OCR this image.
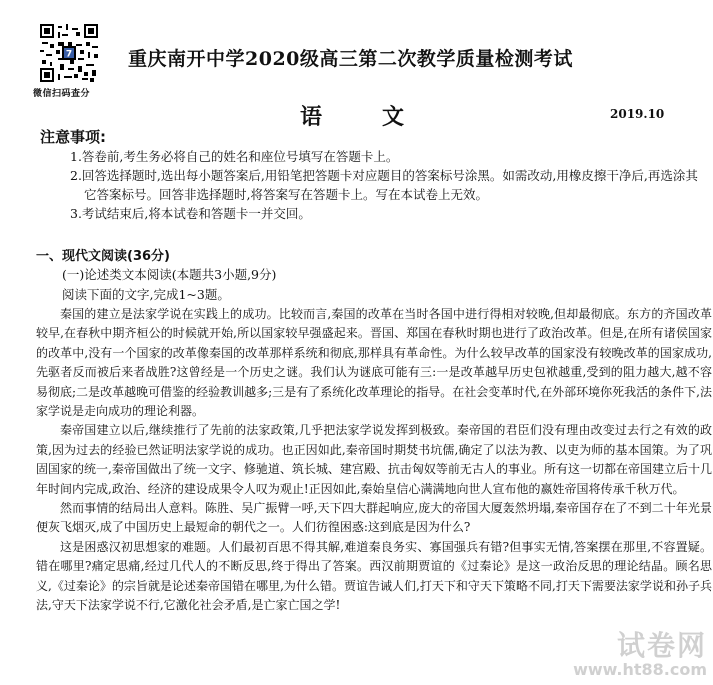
7
微信扫码查分
重庆南开中学2020级高三第二次教学质量检测考试
语文	2019.10
注意事项:
1.答卷前,考生务必将自己的姓名和座位号填写在答题卡上。
2.回答选择题时,选出每小题答案后,用铅笔把答题卡对应题目的答案标号涂黑。如需改动,用橡皮擦干净后,再选涂其它答案标号。回答非选择题时,将答案写在答题卡上。写在本试卷上无效。
3.考试结束后,将本试卷和答题卡一并交回。
一、现代文阅读(36分)
(一)论述类文本阅读(本题共3小题,9分)
阅读下面的文字,完成1~3题。

秦国的建立是法家学说在实践上的成功。比较而言,秦国的改革在当时各国中进行得相对较晚,但却最彻底。东方的齐国改革较早,在春秋中期齐桓公的时候就开始,所以国家较早强盛起来。晋国、郑国在春秋时期也进行了政治改革。但是,在所有诸侯国家的改革中,没有一个国家的改革像秦国的改革那样系统和彻底,那样具有革命性。为什么较早改革的国家没有较晚改革的国家成功,先驱者反而被后来者战胜?这曾经是一个历史之谜。我们认为谜底可能有三:一是改革越早历史包袱越重,受到的阻力越大,越不容易彻底;二是改革越晚可借鉴的经验教训越多;三是有了系统化改革理论的指导。在社会变革时代,在外部环境你死我活的条件下,法家学说是走向成功的理论利器。

秦帝国建立以后,继续推行了先前的法家政策,几乎把法家学说发挥到极致。秦帝国的君臣们没有理由改变过去行之有效的政策,因为过去的经验已然证明法家学说的成功。也正因如此,秦帝国时期焚书坑儒,确定了以法为教、以吏为师的基本国策。为了巩固国家的统一,秦帝国做出了统一文字、修驰道、筑长城、建宫殿、抗击匈奴等前无古人的事业。所有这一切都在帝国建立后十几年时间内完成,政治、经济的建设成果令人叹为观止!正因如此,秦始皇信心满满地向世人宣布他的嬴姓帝国将传承千秋万代。

然而事情的结局出人意料。陈胜、吴广振臂一呼,天下四大群起响应,庞大的帝国大厦轰然坍塌,秦帝国存在了不到二十年光景便灰飞烟灭,成了中国历史上最短命的朝代之一。人们彷徨困惑:这到底是因为什么?

这是困惑汉初思想家的难题。人们最初百思不得其解,难道秦良务实、寡国强兵有错?但事实无情,答案摆在那里,不容置疑。错在哪里?痛定思痛,经过几代人的不断反思,终于得出了答案。西汉前期贾谊的《过秦论》是这一政治反思的理论结晶。顾名思义,《过秦论》的宗旨就是论述秦帝国错在哪里,为什么错。贾谊告诫人们,打天下和守天下策略不同,打天下需要法家学说和孙子兵法,守天下法家学说不行,它激化社会矛盾,是亡家亡国之学!

试卷网
www.ht88.com
